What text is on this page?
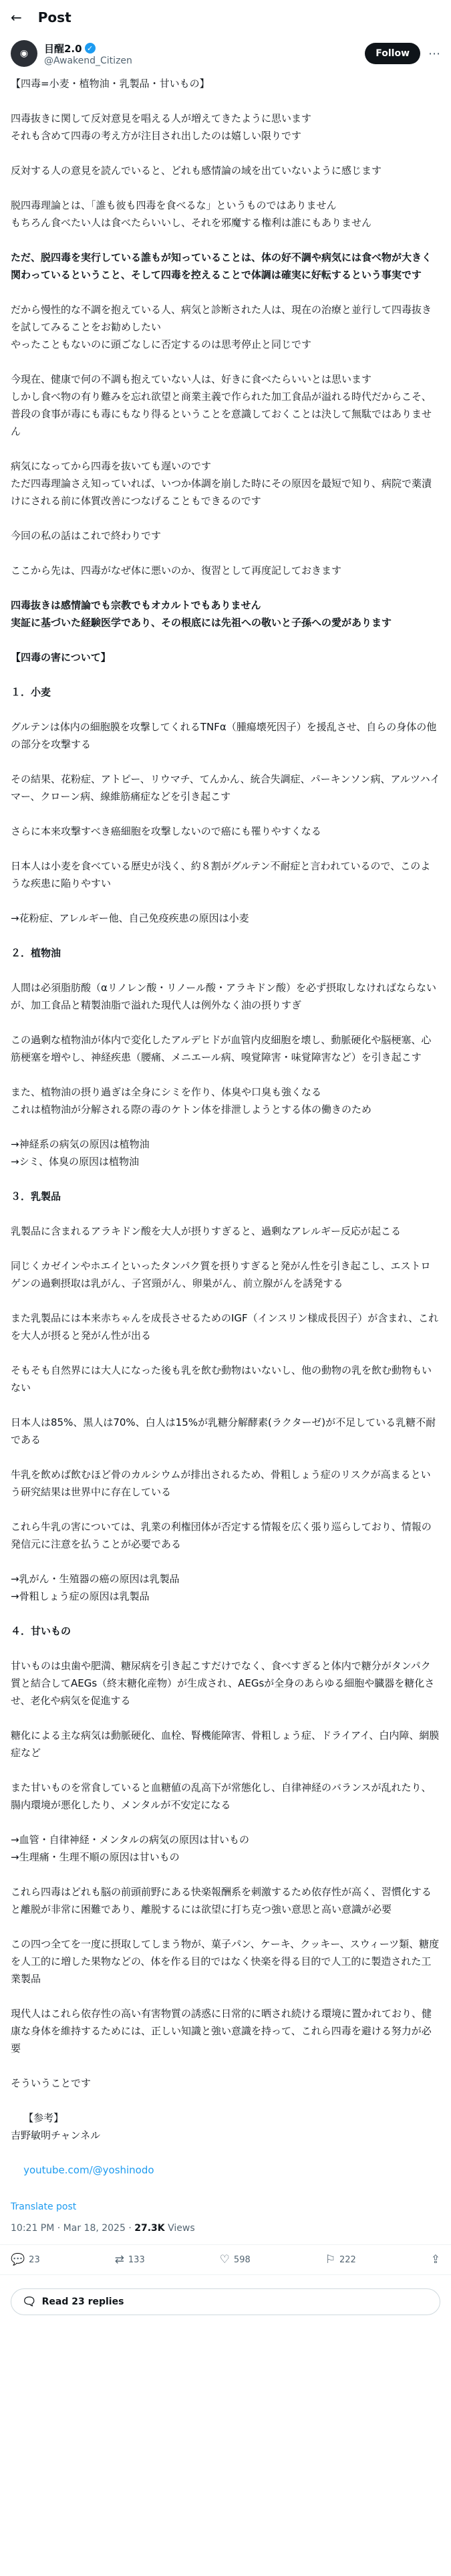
← Post
◉	目醒2.0 ✓
@Awakend_Citizen
Follow	⋯

【四毒=小麦・植物油・乳製品・甘いもの】

四毒抜きに関して反対意見を唱える人が増えてきたように思います
それも含めて四毒の考え方が注目され出したのは嬉しい限りです

反対する人の意見を読んでいると、どれも感情論の域を出ていないように感じます

脱四毒理論とは、「誰も彼も四毒を食べるな」というものではありません
もちろん食べたい人は食べたらいいし、それを邪魔する権利は誰にもありません

ただ、脱四毒を実行している誰もが知っていることは、体の好不調や病気には食べ物が大きく関わっているということ、そして四毒を控えることで体調は確実に好転するという事実です

だから慢性的な不調を抱えている人、病気と診断された人は、現在の治療と並行して四毒抜きを試してみることをお勧めしたい
やったこともないのに頭ごなしに否定するのは思考停止と同じです

今現在、健康で何の不調も抱えていない人は、好きに食べたらいいとは思います
しかし食べ物の有り難みを忘れ欲望と商業主義で作られた加工食品が溢れる時代だからこそ、普段の食事が毒にも毒にもなり得るということを意識しておくことは決して無駄ではありません

病気になってから四毒を抜いても遅いのです
ただ四毒理論さえ知っていれば、いつか体調を崩した時にその原因を最短で知り、病院で薬漬けにされる前に体質改善につなげることもできるのです

今回の私の話はこれで終わりです

ここから先は、四毒がなぜ体に悪いのか、復習として再度記しておきます

四毒抜きは感情論でも宗教でもオカルトでもありません
実証に基づいた経験医学であり、その根底には先祖への敬いと子孫への愛があります

【四毒の害について】

１．小麦

グルテンは体内の細胞膜を攻撃してくれるTNFα（腫瘍壊死因子）を援乱させ、自らの身体の他の部分を攻撃する

その結果、花粉症、アトピー、リウマチ、てんかん、統合失調症、パーキンソン病、アルツハイマー、クローン病、線維筋痛症などを引き起こす

さらに本来攻撃すべき癌細胞を攻撃しないので癌にも罹りやすくなる

日本人は小麦を食べている歴史が浅く、約８割がグルテン不耐症と言われているので、このような疾患に陥りやすい

→花粉症、アレルギー他、自己免疫疾患の原因は小麦

２．植物油

人間は必須脂肪酸（αリノレン酸・リノール酸・アラキドン酸）を必ず摂取しなければならないが、加工食品と精製油脂で溢れた現代人は例外なく油の摂りすぎ

この過剰な植物油が体内で変化したアルデヒドが血管内皮細胞を壊し、動脈硬化や脳梗塞、心筋梗塞を増やし、神経疾患（腰痛、メニエール病、嗅覚障害・味覚障害など）を引き起こす

また、植物油の摂り過ぎは全身にシミを作り、体臭や口臭も強くなる
これは植物油が分解される際の毒のケトン体を排泄しようとする体の働きのため

→神経系の病気の原因は植物油
→シミ、体臭の原因は植物油

３．乳製品

乳製品に含まれるアラキドン酸を大人が摂りすぎると、過剰なアレルギー反応が起こる

同じくカゼインやホエイといったタンパク質を摂りすぎると発がん性を引き起こし、エストロゲンの過剰摂取は乳がん、子宮頸がん、卵巣がん、前立腺がんを誘発する

また乳製品には本来赤ちゃんを成長させるためのIGF（インスリン様成長因子）が含まれ、これを大人が摂ると発がん性が出る

そもそも自然界には大人になった後も乳を飲む動物はいないし、他の動物の乳を飲む動物もいない

日本人は85%、黒人は70%、白人は15%が乳糖分解酵素(ラクターゼ)が不足している乳糖不耐である

牛乳を飲めば飲むほど骨のカルシウムが排出されるため、骨粗しょう症のリスクが高まるという研究結果は世界中に存在している

これら牛乳の害については、乳業の利権団体が否定する情報を広く張り巡らしており、情報の発信元に注意を払うことが必要である

→乳がん・生殖器の癌の原因は乳製品
→骨粗しょう症の原因は乳製品

４．甘いもの

甘いものは虫歯や肥満、糖尿病を引き起こすだけでなく、食べすぎると体内で糖分がタンパク質と結合してAEGs（終末糖化産物）が生成され、AEGsが全身のあらゆる細胞や臓器を糖化させ、老化や病気を促進する

糖化による主な病気は動脈硬化、血栓、腎機能障害、骨粗しょう症、ドライアイ、白内障、網膜症など

また甘いものを常食していると血糖値の乱高下が常態化し、自律神経のバランスが乱れたり、腸内環境が悪化したり、メンタルが不安定になる

→血管・自律神経・メンタルの病気の原因は甘いもの
→生理痛・生理不順の原因は甘いもの

これら四毒はどれも脳の前頭前野にある快楽報酬系を刺激するため依存性が高く、習慣化すると離脱が非常に困難であり、離脱するには欲望に打ち克つ強い意思と高い意識が必要

この四つ全てを一度に摂取してしまう物が、菓子パン、ケーキ、クッキー、スウィーツ類、糖度を人工的に増した果物などの、体を作る目的ではなく快楽を得る目的で人工的に製造された工業製品

現代人はこれら依存性の高い有害物質の誘惑に日常的に晒され続ける環境に置かれており、健康な身体を維持するためには、正しい知識と強い意識を持って、これら四毒を避ける努力が必要

そういうことです

【参考】
吉野敏明チャンネル

youtube.com/@yoshinodo

Translate post
10:21 PM · Mar 18, 2025 · 27.3K Views
💬 23	⇄ 133	♡ 598	⚐ 222	⇪
🗨 Read 23 replies
